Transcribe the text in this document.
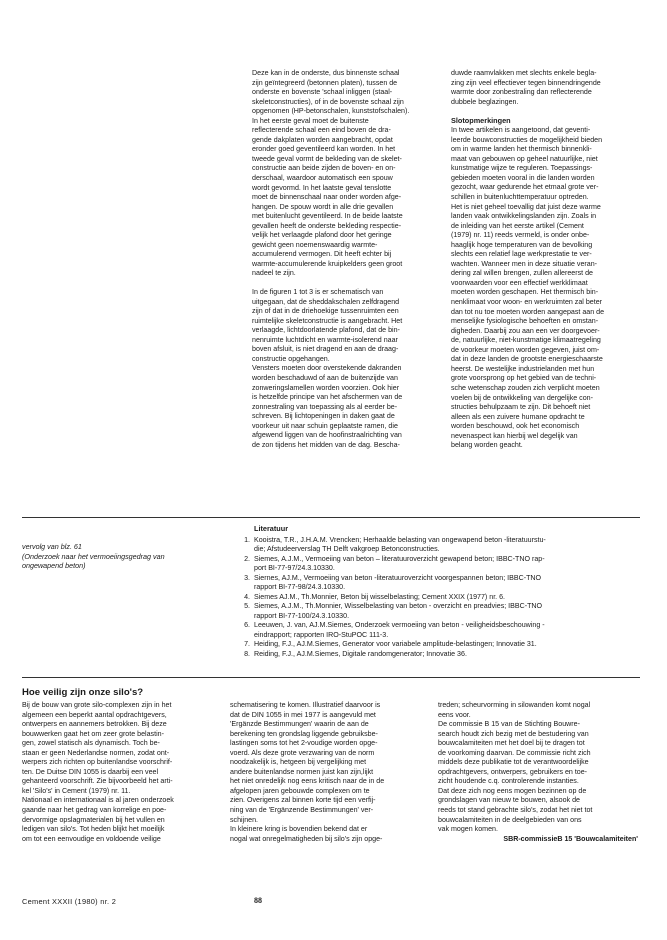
Deze kan in de onderste, dus binnenste schaal
zijn geïntegreerd (betonnen platen), tussen de
onderste en bovenste 'schaal inliggen (staal-
skeletconstructies), of in de bovenste schaal zijn
opgenomen (HP-betonschalen, kunststofschalen).
In het eerste geval moet de buitenste
reflecterende schaal een eind boven de dra-
gende dakplaten worden aangebracht, opdat
eronder goed geventileerd kan worden. In het
tweede geval vormt de bekleding van de skelet-
constructie aan beide zijden de boven- en on-
derschaal, waardoor automatisch een spouw
wordt gevormd. In het laatste geval tenslotte
moet de binnenschaal naar onder worden afge-
hangen. De spouw wordt in alle drie gevallen
met buitenlucht geventileerd. In de beide laatste
gevallen heeft de onderste bekleding respectie-
velijk het verlaagde plafond door het geringe
gewicht geen noemenswaardig warmte-
accumulerend vermogen. Dit heeft echter bij
warmte-accumulerende kruipkelders geen groot
nadeel te zijn.

In de figuren 1 tot 3 is er schematisch van
uitgegaan, dat de sheddakschalen zelfdragend
zijn of dat in de driehoekige tussenruimten een
ruimtelijke skeletconstructie is aangebracht. Het
verlaagde, lichtdoorlatende plafond, dat de bin-
nenruimte luchtdicht en warmte-isolerend naar
boven afsluit, is niet dragend en aan de draag-
constructie opgehangen.

Vensters moeten door overstekende dakranden
worden beschaduwd of aan de buitenzijde van
zonweringslamellen worden voorzien. Ook hier
is hetzelfde principe van het afschermen van de
zonnestraling van toepassing als al eerder be-
schreven. Bij lichtopeningen in daken gaat de
voorkeur uit naar schuin geplaatste ramen, die
afgewend liggen van de hoofinstraalrichting van
de zon tijdens het midden van de dag. Bescha-

duwde raamvlakken met slechts enkele begla-
zing zijn veel effectiever tegen binnendringende
warmte door zonbestraling dan reflecterende
dubbele beglazingen.

Slotopmerkingen

In twee artikelen is aangetoond, dat geventi-
leerde bouwconstructies de mogelijkheid bieden
om in warme landen het thermisch binnenkli-
maat van gebouwen op geheel natuurlijke, niet
kunstmatige wijze te reguleren. Toepassings-
gebieden moeten vooral in die landen worden
gezocht, waar gedurende het etmaal grote ver-
schillen in buitenluchttemperatuur optreden.
Het is niet geheel toevallig dat juist deze warme
landen vaak ontwikkelingslanden zijn. Zoals in
de inleiding van het eerste artikel (Cement
(1979) nr. 11) reeds vermeld, is onder onbe-
haaglijk hoge temperaturen van de bevolking
slechts een relatief lage werkprestatie te ver-
wachten. Wanneer men in deze situatie veran-
dering zal willen brengen, zullen allereerst de
voorwaarden voor een effectief werkklimaat
moeten worden geschapen. Het thermisch bin-
nenklimaat voor woon- en werkruimten zal beter
dan tot nu toe moeten worden aangepast aan de
menselijke fysiologische behoeften en omstan-
digheden. Daarbij zou aan een ver doorgevoer-
de, natuurlijke, niet-kunstmatige klimaatregeling
de voorkeur moeten worden gegeven, juist om-
dat in deze landen de grootste energieschaarste
heerst. De westelijke industrielanden met hun
grote voorsprong op het gebied van de techni-
sche wetenschap zouden zich verplicht moeten
voelen bij de ontwikkeling van dergelijke con-
structies behulpzaam te zijn. Dit behoeft niet
alleen als een zuivere humane opdracht te
worden beschouwd, ook het economisch
nevenaspect kan hierbij wel degelijk van
belang worden geacht.

vervolg van blz. 61

(Onderzoek naar het vermoeiingsgedrag van
ongewapend beton)

Literatuur
1. Kooistra, T.R., J.H.A.M. Vrencken; Herhaalde belasting van ongewapend beton -literatuurstu-
die; Afstudeerverslag TH Delft vakgroep Betonconstructies.
2. Siemes, A.J.M., Vermoeiing van beton – literatuuroverzicht gewapend beton; IBBC-TNO rap-
port BI-77-97/24.3.10330.
3. Siernes, AJ.M., Vermoeiing van beton -literatuuroverzicht voorgespannen beton; IBBC-TNO
rapport BI-77-98/24.3.10330.
4. Siemes AJ.M., Th.Monnier, Beton bij wisselbelasting; Cement XXIX (1977) nr. 6.
5. Siemes, A.J.M., Th.Monnier, Wisselbelasting van beton - overzicht en preadvies; IBBC-TNO
rapport BI-77-100/24.3.10330.
6. Leeuwen, J. van, AJ.M.Siemes, Onderzoek vermoeiing van beton - veiligheidsbeschouwing -
eindrapport; rapporten IRO-StuPOC 111-3.
7. Heiding, F.J., AJ.M.Siemes, Generator voor variabele amplitude-belastingen; Innovatie 31.
8. Reiding, F.J., AJ.M.Siemes, Digitale randomgenerator; Innovatie 36.
Hoe veilig zijn onze silo's?

Bij de bouw van grote silo-complexen zijn in het
algemeen een beperkt aantal opdrachtgevers,
ontwerpers en aannemers betrokken. Bij deze
bouwwerken gaat het om zeer grote belastin-
gen, zowel statisch als dynamisch. Toch be-
staan er geen Nederlandse normen, zodat ont-
werpers zich richten op buitenlandse voorschrif-
ten. De Duitse DIN 1055 is daarbij een veel
gehanteerd voorschrift. Zie bijvoorbeeld het arti-
kel 'Silo's' in Cement (1979) nr. 11.
Nationaal en internationaal is al jaren onderzoek
gaande naar het gedrag van korrelige en poe-
dervormige opslagmaterialen bij het vullen en
ledigen van silo's. Tot heden blijkt het moeilijk
om tot een eenvoudige en voldoende veilige

schematisering te komen. Illustratief daarvoor is
dat de DIN 1055 in mei 1977 is aangevuld met
'Ergänzde Bestimmungen' waarin de aan de
berekening ten grondslag liggende gebruiksbe-
lastingen soms tot het 2-voudige worden opge-
voerd. Als deze grote verzwaring van de norm
noodzakelijk is, hetgeen bij vergelijking met
andere buitenlandse normen juist kan zijn,lijkt
het niet onredelijk nog eens kritisch naar de in de
afgelopen jaren gebouwde complexen om te
zien. Overigens zal binnen korte tijd een verfij-
ning van de 'Ergänzende Bestimmungen' ver-
schijnen.
In kleinere kring is bovendien bekend dat er
nogal wat onregelmatigheden bij silo's zijn opge-

treden; scheurvorming in silowanden komt nogal
eens voor.
De commissie B 15 van de Stichting Bouwre-
search houdt zich bezig met de bestudering van
bouwcalamiteiten met het doel bij te dragen tot
de voorkoming daarvan. De commissie richt zich
middels deze publikatie tot de verantwoordelijke
opdrachtgevers, ontwerpers, gebruikers en toe-
zicht houdende c.q. controlerende instanties.
Dat deze zich nog eens mogen bezinnen op de
grondslagen van nieuw te bouwen, alsook de
reeds tot stand gebrachte silo's, zodat het niet tot
bouwcalamiteiten in de deelgebieden van ons
vak mogen komen.

SBR-commissieB 15 'Bouwcalamiteiten'

Cement XXXII (1980) nr. 2	88
